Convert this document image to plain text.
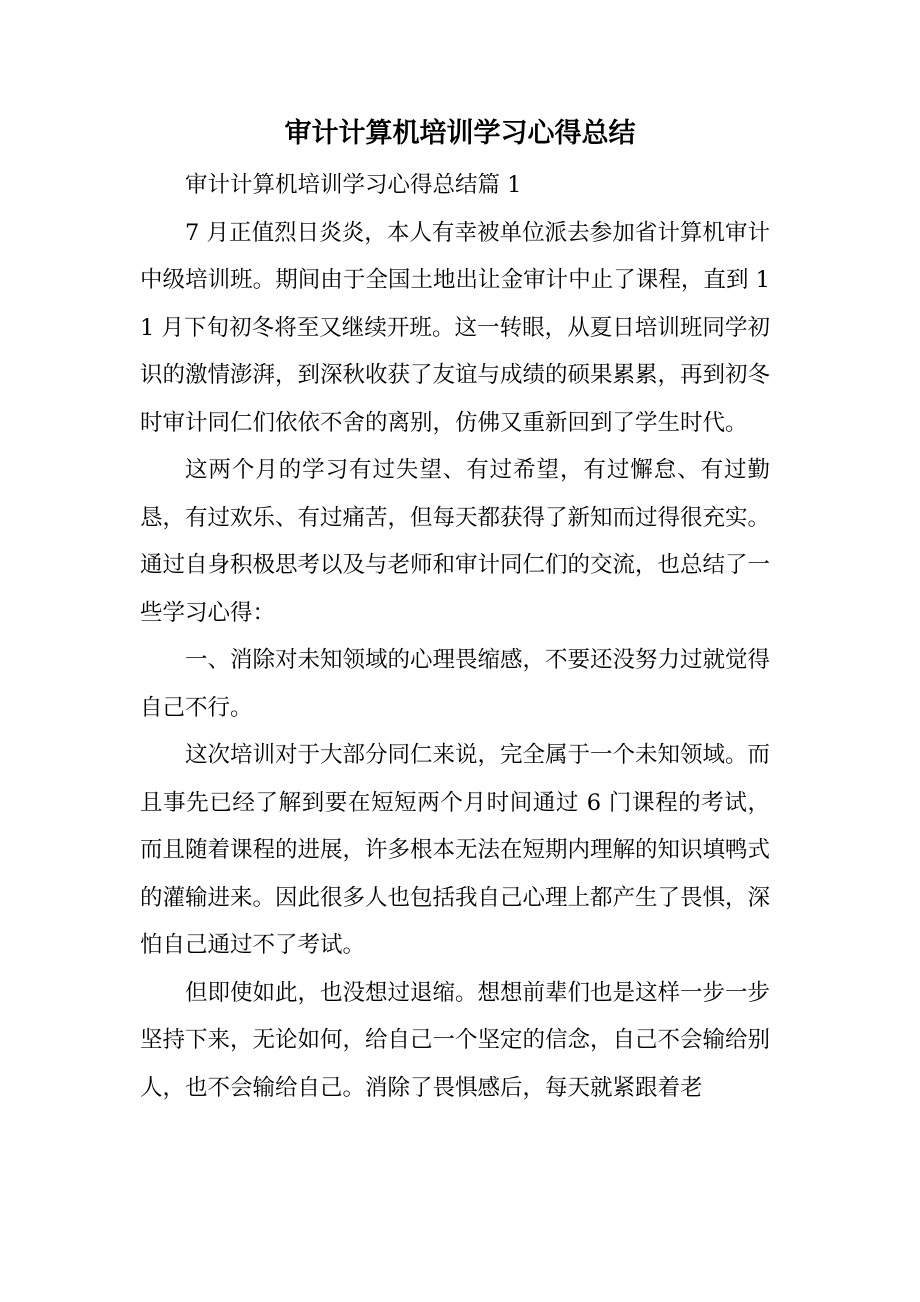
审计计算机培训学习心得总结

审计计算机培训学习心得总结篇 1

7 月正值烈日炎炎，本人有幸被单位派去参加省计算机审计中级培训班。期间由于全国土地出让金审计中止了课程，直到 11 月下旬初冬将至又继续开班。这一转眼，从夏日培训班同学初识的激情澎湃，到深秋收获了友谊与成绩的硕果累累，再到初冬时审计同仁们依依不舍的离别，仿佛又重新回到了学生时代。

这两个月的学习有过失望、有过希望，有过懈怠、有过勤恳，有过欢乐、有过痛苦，但每天都获得了新知而过得很充实。通过自身积极思考以及与老师和审计同仁们的交流，也总结了一些学习心得：

一、消除对未知领域的心理畏缩感，不要还没努力过就觉得自己不行。

这次培训对于大部分同仁来说，完全属于一个未知领域。而且事先已经了解到要在短短两个月时间通过 6 门课程的考试，而且随着课程的进展，许多根本无法在短期内理解的知识填鸭式的灌输进来。因此很多人也包括我自己心理上都产生了畏惧，深怕自己通过不了考试。

但即使如此，也没想过退缩。想想前辈们也是这样一步一步坚持下来，无论如何，给自己一个坚定的信念，自己不会输给别人，也不会输给自己。消除了畏惧感后，每天就紧跟着老
